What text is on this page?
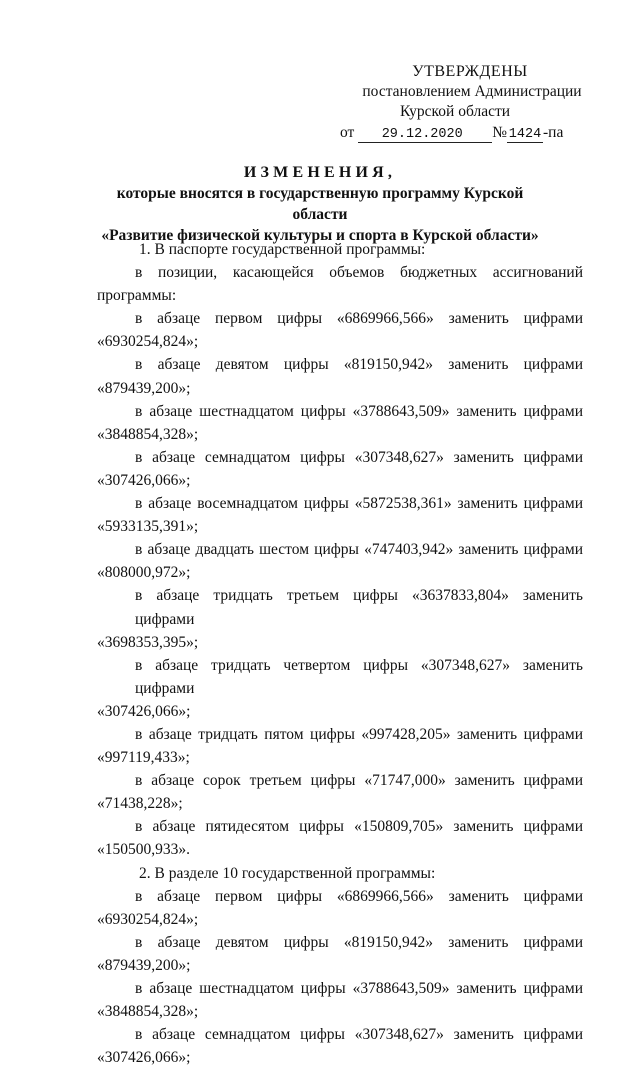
УТВЕРЖДЕНЫ
постановлением Администрации
Курской области
от 29.12.2020 № 1424 -па
ИЗМЕНЕНИЯ,
которые вносятся в государственную программу Курской области
«Развитие физической культуры и спорта в Курской области»
1. В паспорте государственной программы:
в позиции, касающейся объемов бюджетных ассигнований
программы:
в абзаце первом цифры «6869966,566» заменить цифрами
«6930254,824»;
в абзаце девятом цифры «819150,942» заменить цифрами
«879439,200»;
в абзаце шестнадцатом цифры «3788643,509» заменить цифрами
«3848854,328»;
в абзаце семнадцатом цифры «307348,627» заменить цифрами
«307426,066»;
в абзаце восемнадцатом цифры «5872538,361» заменить цифрами
«5933135,391»;
в абзаце двадцать шестом цифры «747403,942» заменить цифрами
«808000,972»;
в абзаце тридцать третьем цифры «3637833,804» заменить цифрами
«3698353,395»;
в абзаце тридцать четвертом цифры «307348,627» заменить цифрами
«307426,066»;
в абзаце тридцать пятом цифры «997428,205» заменить цифрами
«997119,433»;
в абзаце сорок третьем цифры «71747,000» заменить цифрами
«71438,228»;
в абзаце пятидесятом цифры «150809,705» заменить цифрами
«150500,933».
2. В разделе 10 государственной программы:
в абзаце первом цифры «6869966,566» заменить цифрами
«6930254,824»;
в абзаце девятом цифры «819150,942» заменить цифрами
«879439,200»;
в абзаце шестнадцатом цифры «3788643,509» заменить цифрами
«3848854,328»;
в абзаце семнадцатом цифры «307348,627» заменить цифрами
«307426,066»;
